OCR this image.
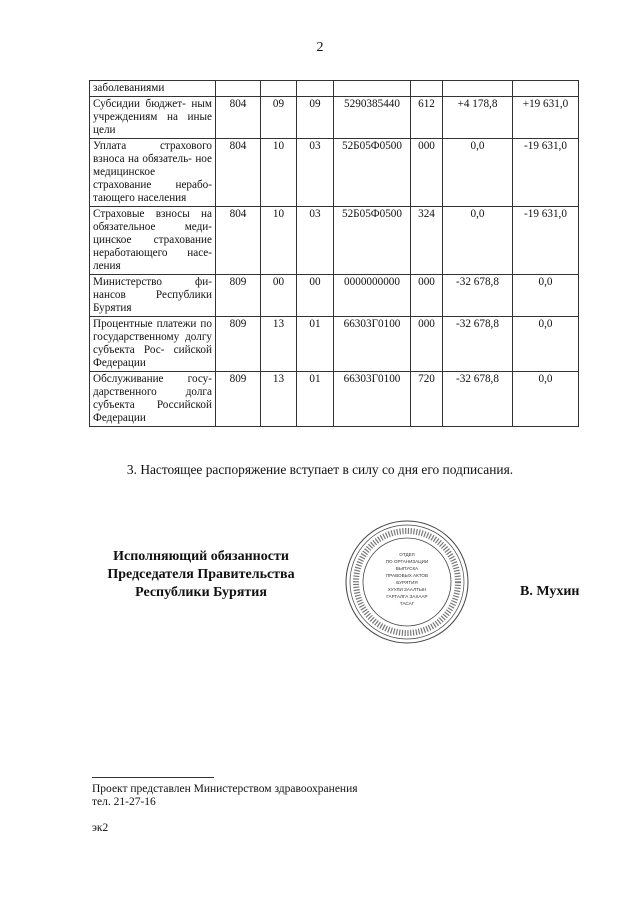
2
заболеваниями							
Субсидии бюджет- ным учреждениям на иные цели	804	09	09	5290385440	612	+4 178,8	+19 631,0
Уплата страхового взноса на обязатель- ное медицинское страхование нерабо- тающего населения	804	10	03	52Б05Ф0500	000	0,0	-19 631,0
Страховые взносы на обязательное меди- цинское страхование неработающего насе- ления	804	10	03	52Б05Ф0500	324	0,0	-19 631,0
Министерство фи- нансов Республики Бурятия	809	00	00	0000000000	000	-32 678,8	0,0
Процентные платежи по государственному долгу субъекта Рос- сийской Федерации	809	13	01	66303Г0100	000	-32 678,8	0,0
Обслуживание госу- дарственного долга субъекта Российской Федерации	809	13	01	66303Г0100	720	-32 678,8	0,0
3. Настоящее распоряжение вступает в силу со дня его подписания.
Исполняющий обязанности
Председателя Правительства
Республики Бурятия
ОТДЕЛ
ПО ОРГАНИЗАЦИИ
ВЫПУСКА
ПРАВОВЫХ АКТОВ
БУРЯТИЯ
ХУУЛИ ЗААЛТЫН
ГАРГАЛГА ЗАХААР
ТАСАГ
В. Мухин
Проект представлен Министерством здравоохранения
тел. 21-27-16
эк2
